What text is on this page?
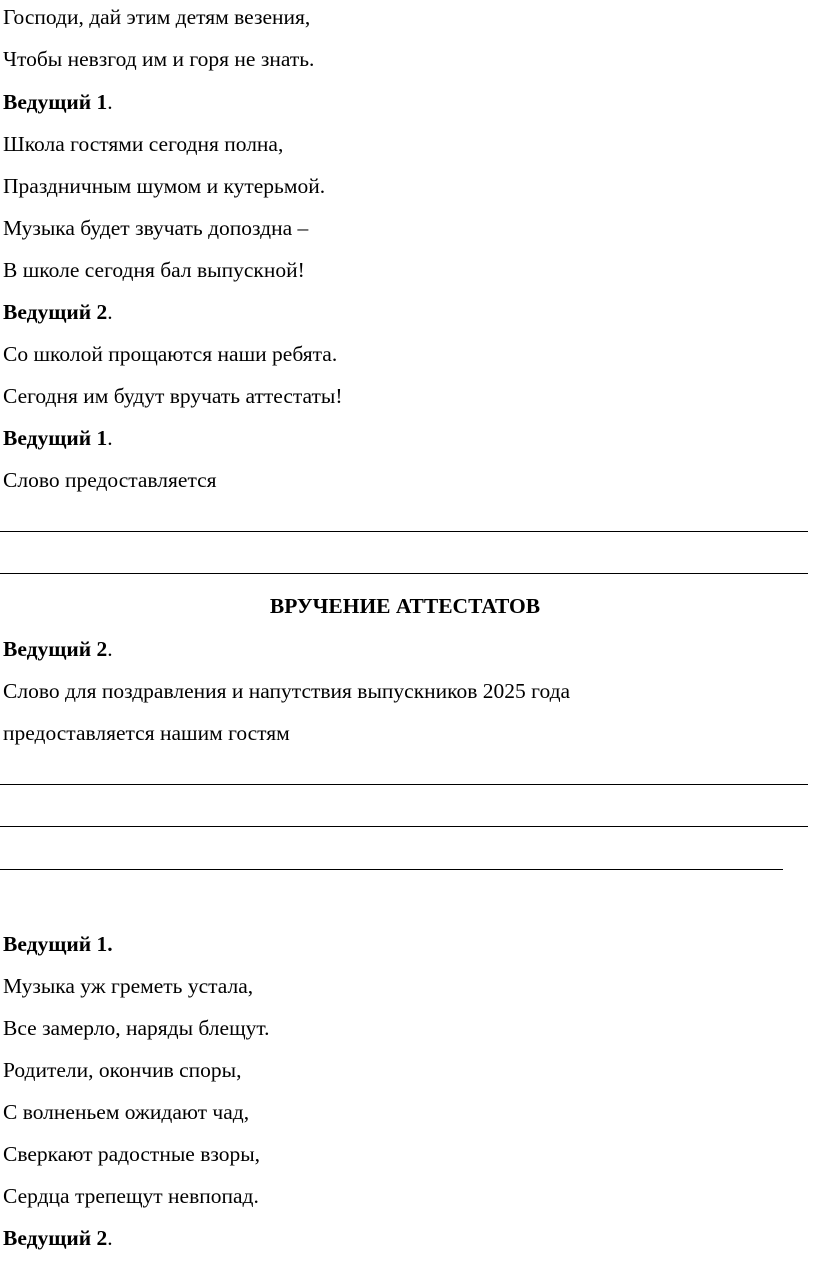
Господи, дай этим детям везения,
Чтобы невзгод им и горя не знать.
Ведущий 1.
Школа гостями сегодня полна,
Праздничным шумом и кутерьмой.
Музыка будет звучать допоздна –
В школе сегодня бал выпускной!
Ведущий 2.
Со школой прощаются наши ребята.
Сегодня им будут вручать аттестаты!
Ведущий 1.
Слово предоставляется
ВРУЧЕНИЕ АТТЕСТАТОВ
Ведущий 2.
Слово для поздравления и напутствия выпускников 2025 года
предоставляется нашим гостям
Ведущий 1.
Музыка уж греметь устала,
Все замерло, наряды блещут.
Родители, окончив споры,
С волненьем ожидают чад,
Сверкают радостные взоры,
Сердца трепещут невпопад.
Ведущий 2.
